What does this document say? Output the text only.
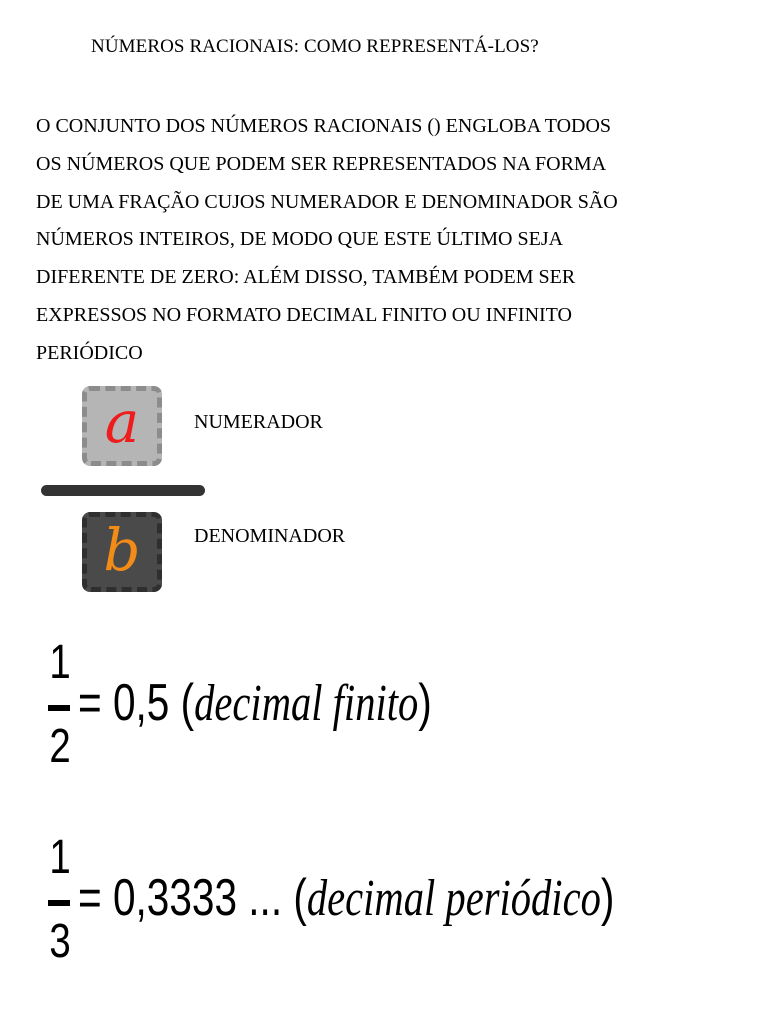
NÚMEROS RACIONAIS: COMO REPRESENTÁ-LOS?
O CONJUNTO DOS NÚMEROS RACIONAIS () ENGLOBA TODOS
OS NÚMEROS QUE PODEM SER REPRESENTADOS NA FORMA
DE UMA FRAÇÃO CUJOS NUMERADOR E DENOMINADOR SÃO
NÚMEROS INTEIROS, DE MODO QUE ESTE ÚLTIMO SEJA
DIFERENTE DE ZERO: ALÉM DISSO, TAMBÉM PODEM SER
EXPRESSOS NO FORMATO DECIMAL FINITO OU INFINITO
PERIÓDICO
a
b
NUMERADOR
DENOMINADOR
1
2
= 0,5 (decimal finito)
1
3
= 0,3333 ... (decimal periódico)
